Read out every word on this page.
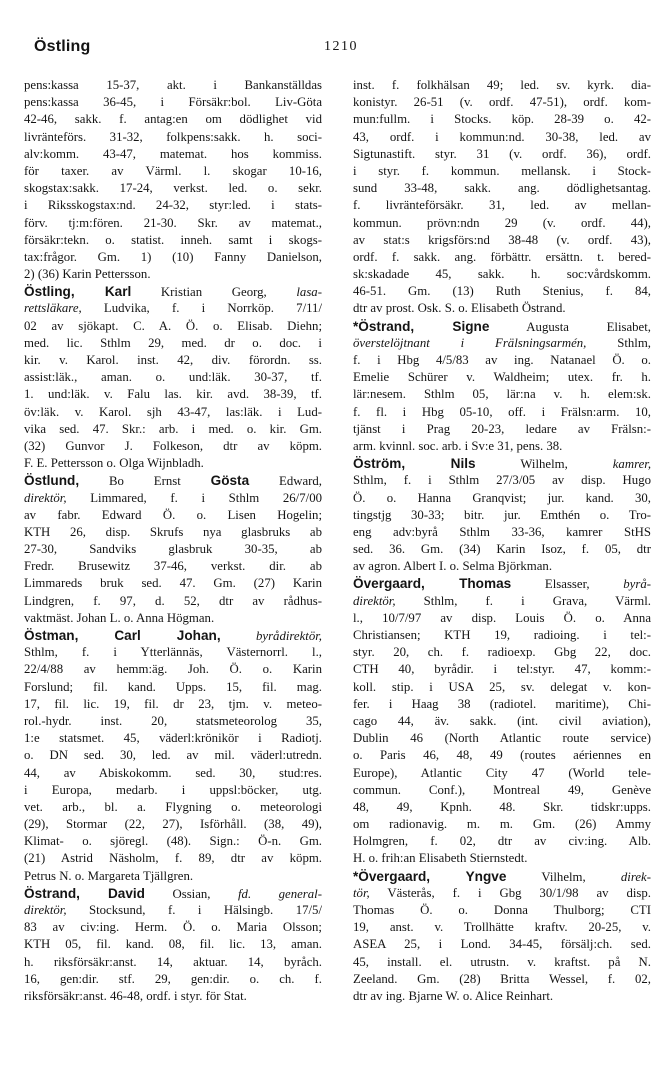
Östling	1210
pens:kassa 15-37, akt. i Bankanställdas
pens:kassa 36-45, i Försäkr:bol. Liv-Göta
42-46, sakk. f. antag:en om dödlighet vid
livränteförs. 31-32, folkpens:sakk. h. soci-
alv:komm. 43-47, matemat. hos kommiss.
för taxer. av Värml. l. skogar 10-16,
skogstax:sakk. 17-24, verkst. led. o. sekr.
i Riksskogstax:nd. 24-32, styr:led. i stats-
förv. tj:m:fören. 21-30. Skr. av matemat.,
försäkr:tekn. o. statist. inneh. samt i skogs-
tax:frågor. Gm. 1) (10) Fanny Danielson,
2) (36) Karin Pettersson.
Östling, Karl Kristian Georg, lasa-
rettsläkare, Ludvika, f. i Norrköp. 7/11/
02 av sjökapt. C. A. Ö. o. Elisab. Diehn;
med. lic. Sthlm 29, med. dr o. doc. i
kir. v. Karol. inst. 42, div. förordn. ss.
assist:läk., aman. o. und:läk. 30-37, tf.
1. und:läk. v. Falu las. kir. avd. 38-39, tf.
öv:läk. v. Karol. sjh 43-47, las:läk. i Lud-
vika sed. 47. Skr.: arb. i med. o. kir. Gm.
(32) Gunvor J. Folkeson, dtr av köpm.
F. E. Pettersson o. Olga Wijnbladh.
Östlund, Bo Ernst Gösta Edward,
direktör, Limmared, f. i Sthlm 26/7/00
av fabr. Edward Ö. o. Lisen Hogelin;
KTH 26, disp. Skrufs nya glasbruks ab
27-30, Sandviks glasbruk 30-35, ab
Fredr. Brusewitz 37-46, verkst. dir. ab
Limmareds bruk sed. 47. Gm. (27) Karin
Lindgren, f. 97, d. 52, dtr av rådhus-
vaktmäst. Johan L. o. Anna Högman.
Östman, Carl Johan,	byrådirektör,
Sthlm, f. i Ytterlännäs, Västernorrl. l.,
22/4/88 av hemm:äg. Joh. Ö. o. Karin
Forslund; fil. kand. Upps. 15, fil. mag.
17, fil. lic. 19, fil. dr 23, tjm. v. meteo-
rol.-hydr. inst. 20, statsmeteorolog 35,
1:e statsmet. 45, väderl:krönikör i Radiotj.
o. DN sed. 30, led. av mil. väderl:utredn.
44, av Abiskokomm. sed. 30, stud:res.
i Europa, medarb. i uppsl:böcker, utg.
vet. arb., bl. a. Flygning o. meteorologi
(29), Stormar (22, 27), Isförhåll. (38, 49),
Klimat- o. sjöregl. (48). Sign.: Ö-n. Gm.
(21) Astrid Näsholm, f. 89, dtr av köpm.
Petrus N. o. Margareta Tjällgren.
Östrand, David Ossian, fd. general-
direktör, Stocksund, f. i Hälsingb. 17/5/
83 av civ:ing. Herm. Ö. o. Maria Olsson;
KTH 05, fil. kand. 08, fil. lic. 13, aman.
h. riksförsäkr:anst. 14, aktuar. 14, byråch.
16, gen:dir. stf. 29, gen:dir. o. ch. f.
riksförsäkr:anst. 46-48, ordf. i styr. för Stat.
inst. f. folkhälsan 49; led. sv. kyrk. dia-
konistyr. 26-51 (v. ordf. 47-51), ordf. kom-
mun:fullm. i Stocks. köp. 28-39 o. 42-
43, ordf. i kommun:nd. 30-38, led. av
Sigtunastift. styr. 31 (v. ordf. 36), ordf.
i styr. f. kommun. mellansk. i Stock-
sund 33-48, sakk. ang. dödlighetsantag.
f. livränteförsäkr. 31, led. av mellan-
kommun. prövn:ndn 29 (v. ordf. 44),
av stat:s krigsförs:nd 38-48 (v. ordf. 43),
ordf. f. sakk. ang. förbättr. ersättn. t. bered-
sk:skadade 45, sakk. h. soc:vårdskomm.
46-51. Gm. (13) Ruth Stenius, f. 84,
dtr av prost. Osk. S. o. Elisabeth Östrand.
*Östrand, Signe Augusta Elisabet,
överstelöjtnant i Frälsningsarmén, Sthlm,
f. i Hbg 4/5/83 av ing. Natanael Ö. o.
Emelie Schürer v. Waldheim; utex. fr. h.
lär:nesem. Sthlm 05, lär:na v. h. elem:sk.
f. fl. i Hbg 05-10, off. i Frälsn:arm. 10,
tjänst i Prag 20-23, ledare av Frälsn:-
arm. kvinnl. soc. arb. i Sv:e 31, pens. 38.
Öström, Nils Wilhelm, kamrer,
Sthlm, f. i Sthlm 27/3/05 av disp. Hugo
Ö. o. Hanna Granqvist; jur. kand. 30,
tingstjg 30-33; bitr. jur. Emthén o. Tro-
eng adv:byrå Sthlm 33-36, kamrer StHS
sed. 36. Gm. (34) Karin Isoz, f. 05, dtr
av agron. Albert I. o. Selma Björkman.
Övergaard, Thomas Elsasser, byrå-
direktör, Sthlm, f. i Grava, Värml.
l., 10/7/97 av disp. Louis Ö. o. Anna
Christiansen; KTH 19, radioing. i tel:-
styr. 20, ch. f. radioexp. Gbg 22, doc.
CTH 40, byrådir. i tel:styr. 47, komm:-
koll. stip. i USA 25, sv. delegat v. kon-
fer. i Haag 38 (radiotel. maritime), Chi-
cago 44, äv. sakk. (int. civil aviation),
Dublin 46 (North Atlantic route service)
o. Paris 46, 48, 49 (routes aériennes en
Europe), Atlantic City 47 (World tele-
commun. Conf.), Montreal 49, Genève
48, 49, Kpnh. 48. Skr. tidskr:upps.
om radionavig. m. m. Gm. (26) Ammy
Holmgren, f. 02, dtr av civ:ing. Alb.
H. o. frih:an Elisabeth Stiernstedt.
*Övergaard, Yngve Vilhelm, direk-
tör, Västerås, f. i Gbg 30/1/98 av disp.
Thomas Ö. o. Donna Thulborg; CTI
19, anst. v. Trollhätte kraftv. 20-25, v.
ASEA 25, i Lond. 34-45, försälj:ch. sed.
45, install. el. utrustn. v. kraftst. på N.
Zeeland. Gm. (28) Britta Wessel, f. 02,
dtr av ing. Bjarne W. o. Alice Reinhart.
